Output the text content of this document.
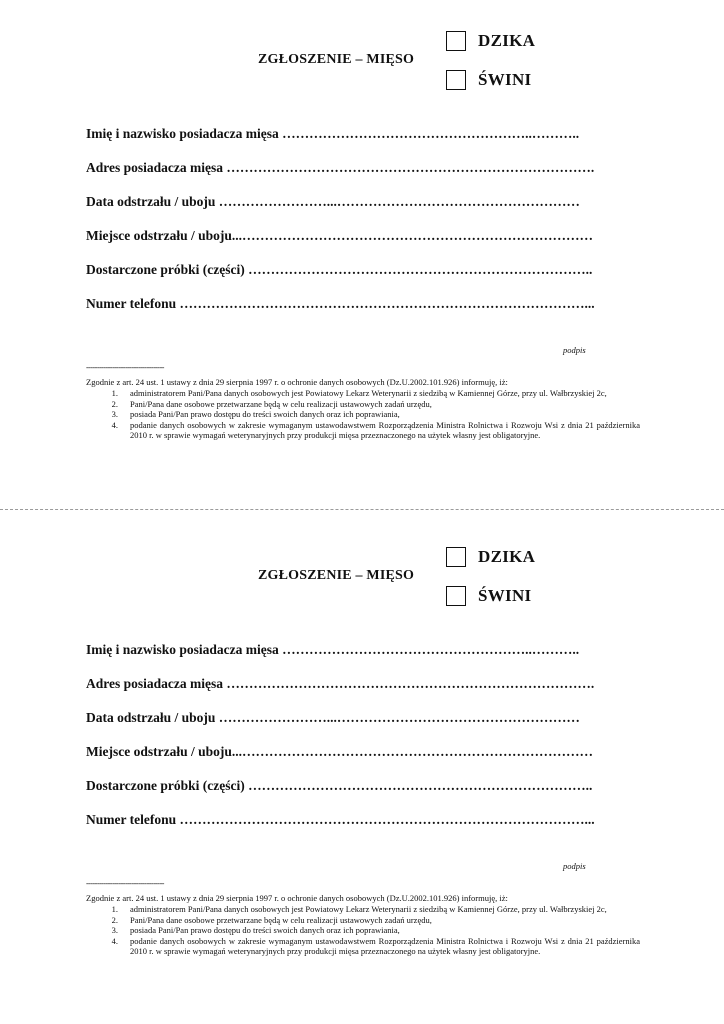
ZGŁOSZENIE – MIĘSO
DZIKA
ŚWINI
Imię i nazwisko posiadacza mięsa ………………………………………………..………..
Adres posiadacza mięsa ……………………………………………………………………….
Data odstrzału / uboju ……………………...………………………………………………
Miejsce odstrzału / uboju...……………………………………………………………………
Dostarczone próbki (części) …………………………………………………………………..
Numer telefonu ………………………………………………………………………………...
podpis
------------------------------------
Zgodnie z art. 24 ust. 1 ustawy z dnia 29 sierpnia 1997 r. o ochronie danych osobowych (Dz.U.2002.101.926) informuję, iż:
1.	administratorem Pani/Pana danych osobowych jest Powiatowy Lekarz Weterynarii z siedzibą w Kamiennej Górze, przy ul. Wałbrzyskiej 2c,
2.	Pani/Pana dane osobowe przetwarzane będą w celu realizacji ustawowych zadań urzędu,
3.	posiada Pani/Pan prawo dostępu do treści swoich danych oraz ich poprawiania,
4.	podanie danych osobowych w zakresie wymaganym ustawodawstwem Rozporządzenia Ministra Rolnictwa i Rozwoju Wsi z dnia 21 października 2010 r. w sprawie wymagań weterynaryjnych przy produkcji mięsa przeznaczonego na użytek własny jest obligatoryjne.
ZGŁOSZENIE – MIĘSO
DZIKA
ŚWINI
Imię i nazwisko posiadacza mięsa ………………………………………………..………..
Adres posiadacza mięsa ……………………………………………………………………….
Data odstrzału / uboju ……………………...………………………………………………
Miejsce odstrzału / uboju...……………………………………………………………………
Dostarczone próbki (części) …………………………………………………………………..
Numer telefonu ………………………………………………………………………………...
podpis
------------------------------------
Zgodnie z art. 24 ust. 1 ustawy z dnia 29 sierpnia 1997 r. o ochronie danych osobowych (Dz.U.2002.101.926) informuję, iż:
1.	administratorem Pani/Pana danych osobowych jest Powiatowy Lekarz Weterynarii z siedzibą w Kamiennej Górze, przy ul. Wałbrzyskiej 2c,
2.	Pani/Pana dane osobowe przetwarzane będą w celu realizacji ustawowych zadań urzędu,
3.	posiada Pani/Pan prawo dostępu do treści swoich danych oraz ich poprawiania,
4.	podanie danych osobowych w zakresie wymaganym ustawodawstwem Rozporządzenia Ministra Rolnictwa i Rozwoju Wsi z dnia 21 października 2010 r. w sprawie wymagań weterynaryjnych przy produkcji mięsa przeznaczonego na użytek własny jest obligatoryjne.
